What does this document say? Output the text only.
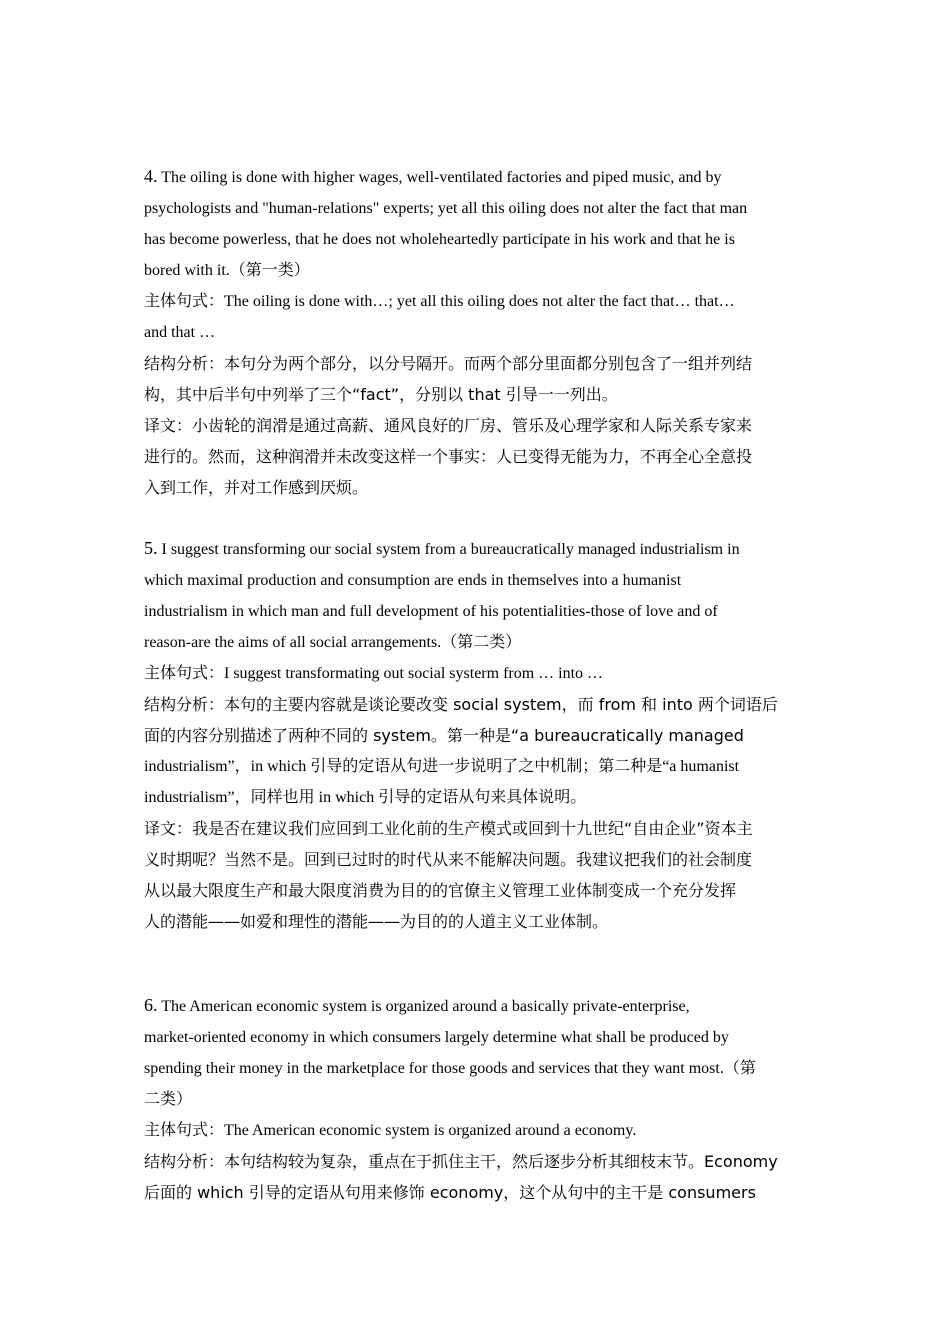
4. The oiling is done with higher wages, well-ventilated factories and piped music, and by
psychologists and "human-relations" experts; yet all this oiling does not alter the fact that man
has become powerless, that he does not wholeheartedly participate in his work and that he is
bored with it.（第一类）
主体句式：The oiling is done with…; yet all this oiling does not alter the fact that… that…
and that …
结构分析：本句分为两个部分，以分号隔开。而两个部分里面都分别包含了一组并列结
构，其中后半句中列举了三个“fact”，分别以 that 引导一一列出。
译文：小齿轮的润滑是通过高薪、通风良好的厂房、管乐及心理学家和人际关系专家来
进行的。然而，这种润滑并未改变这样一个事实：人已变得无能为力，不再全心全意投
入到工作，并对工作感到厌烦。
5. I suggest transforming our social system from a bureaucratically managed industrialism in
which maximal production and consumption are ends in themselves into a humanist
industrialism in which man and full development of his potentialities-those of love and of
reason-are the aims of all social arrangements.（第二类）
主体句式：I suggest transformating out social systerm from … into …
结构分析：本句的主要内容就是谈论要改变 social system，而 from 和 into 两个词语后
面的内容分别描述了两种不同的 system。第一种是“a bureaucratically managed
industrialism”，in which 引导的定语从句进一步说明了之中机制；第二种是“a humanist
industrialism”，同样也用 in which 引导的定语从句来具体说明。
译文：我是否在建议我们应回到工业化前的生产模式或回到十九世纪“自由企业”资本主
义时期呢？当然不是。回到已过时的时代从来不能解决问题。我建议把我们的社会制度
从以最大限度生产和最大限度消费为目的的官僚主义管理工业体制变成一个充分发挥
人的潜能——如爱和理性的潜能——为目的的人道主义工业体制。
6. The American economic system is organized around a basically private-enterprise,
market-oriented economy in which consumers largely determine what shall be produced by
spending their money in the marketplace for those goods and services that they want most.（第
二类）
主体句式：The American economic system is organized around a economy.
结构分析：本句结构较为复杂，重点在于抓住主干，然后逐步分析其细枝末节。Economy
后面的 which 引导的定语从句用来修饰 economy，这个从句中的主干是 consumers
